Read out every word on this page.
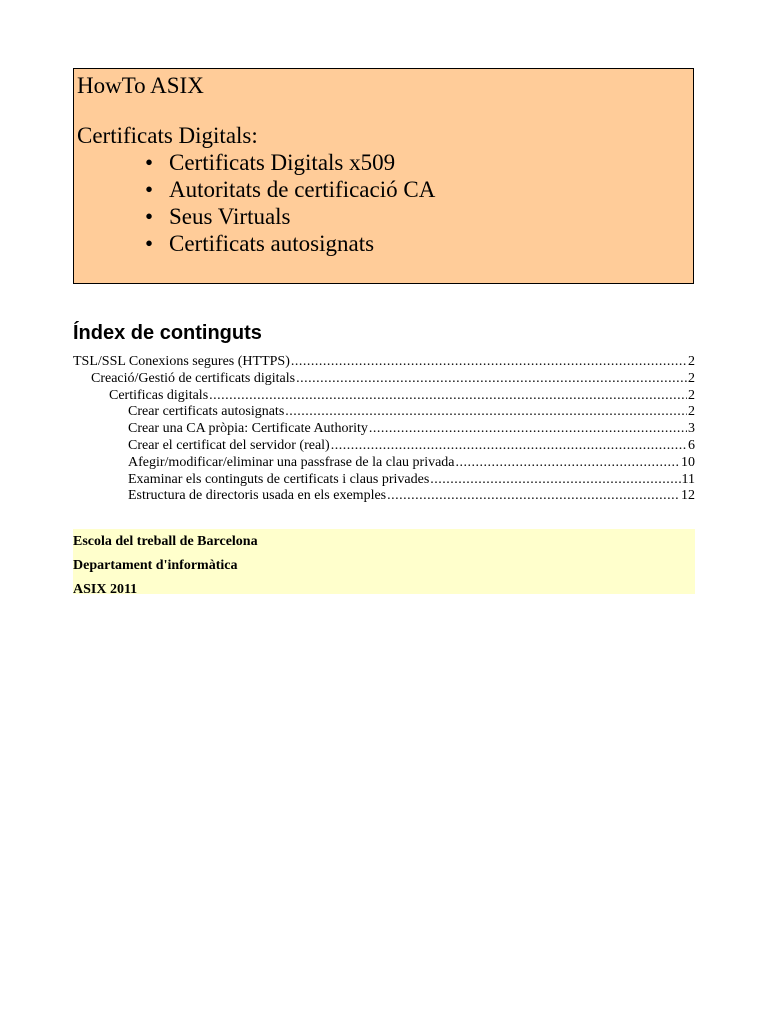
HowTo ASIX

Certificats Digitals:

• Certificats Digitals x509
• Autoritats de certificació CA
• Seus Virtuals
• Certificats autosignats
Índex de continguts
TSL/SSL Conexions segures (HTTPS) .....	2
Creació/Gestió de certificats digitals .....	2
Certificas digitals .....	2
Crear certificats autosignats .....	2
Crear una CA pròpia: Certificate Authority .....	3
Crear el certificat del servidor (real) .....	6
Afegir/modificar/eliminar una passfrase de la clau privada .....	10
Examinar els continguts de certificats i claus privades .....	11
Estructura de directoris usada en els exemples .....	12

Escola del treball de Barcelona

Departament d'informàtica

ASIX 2011
